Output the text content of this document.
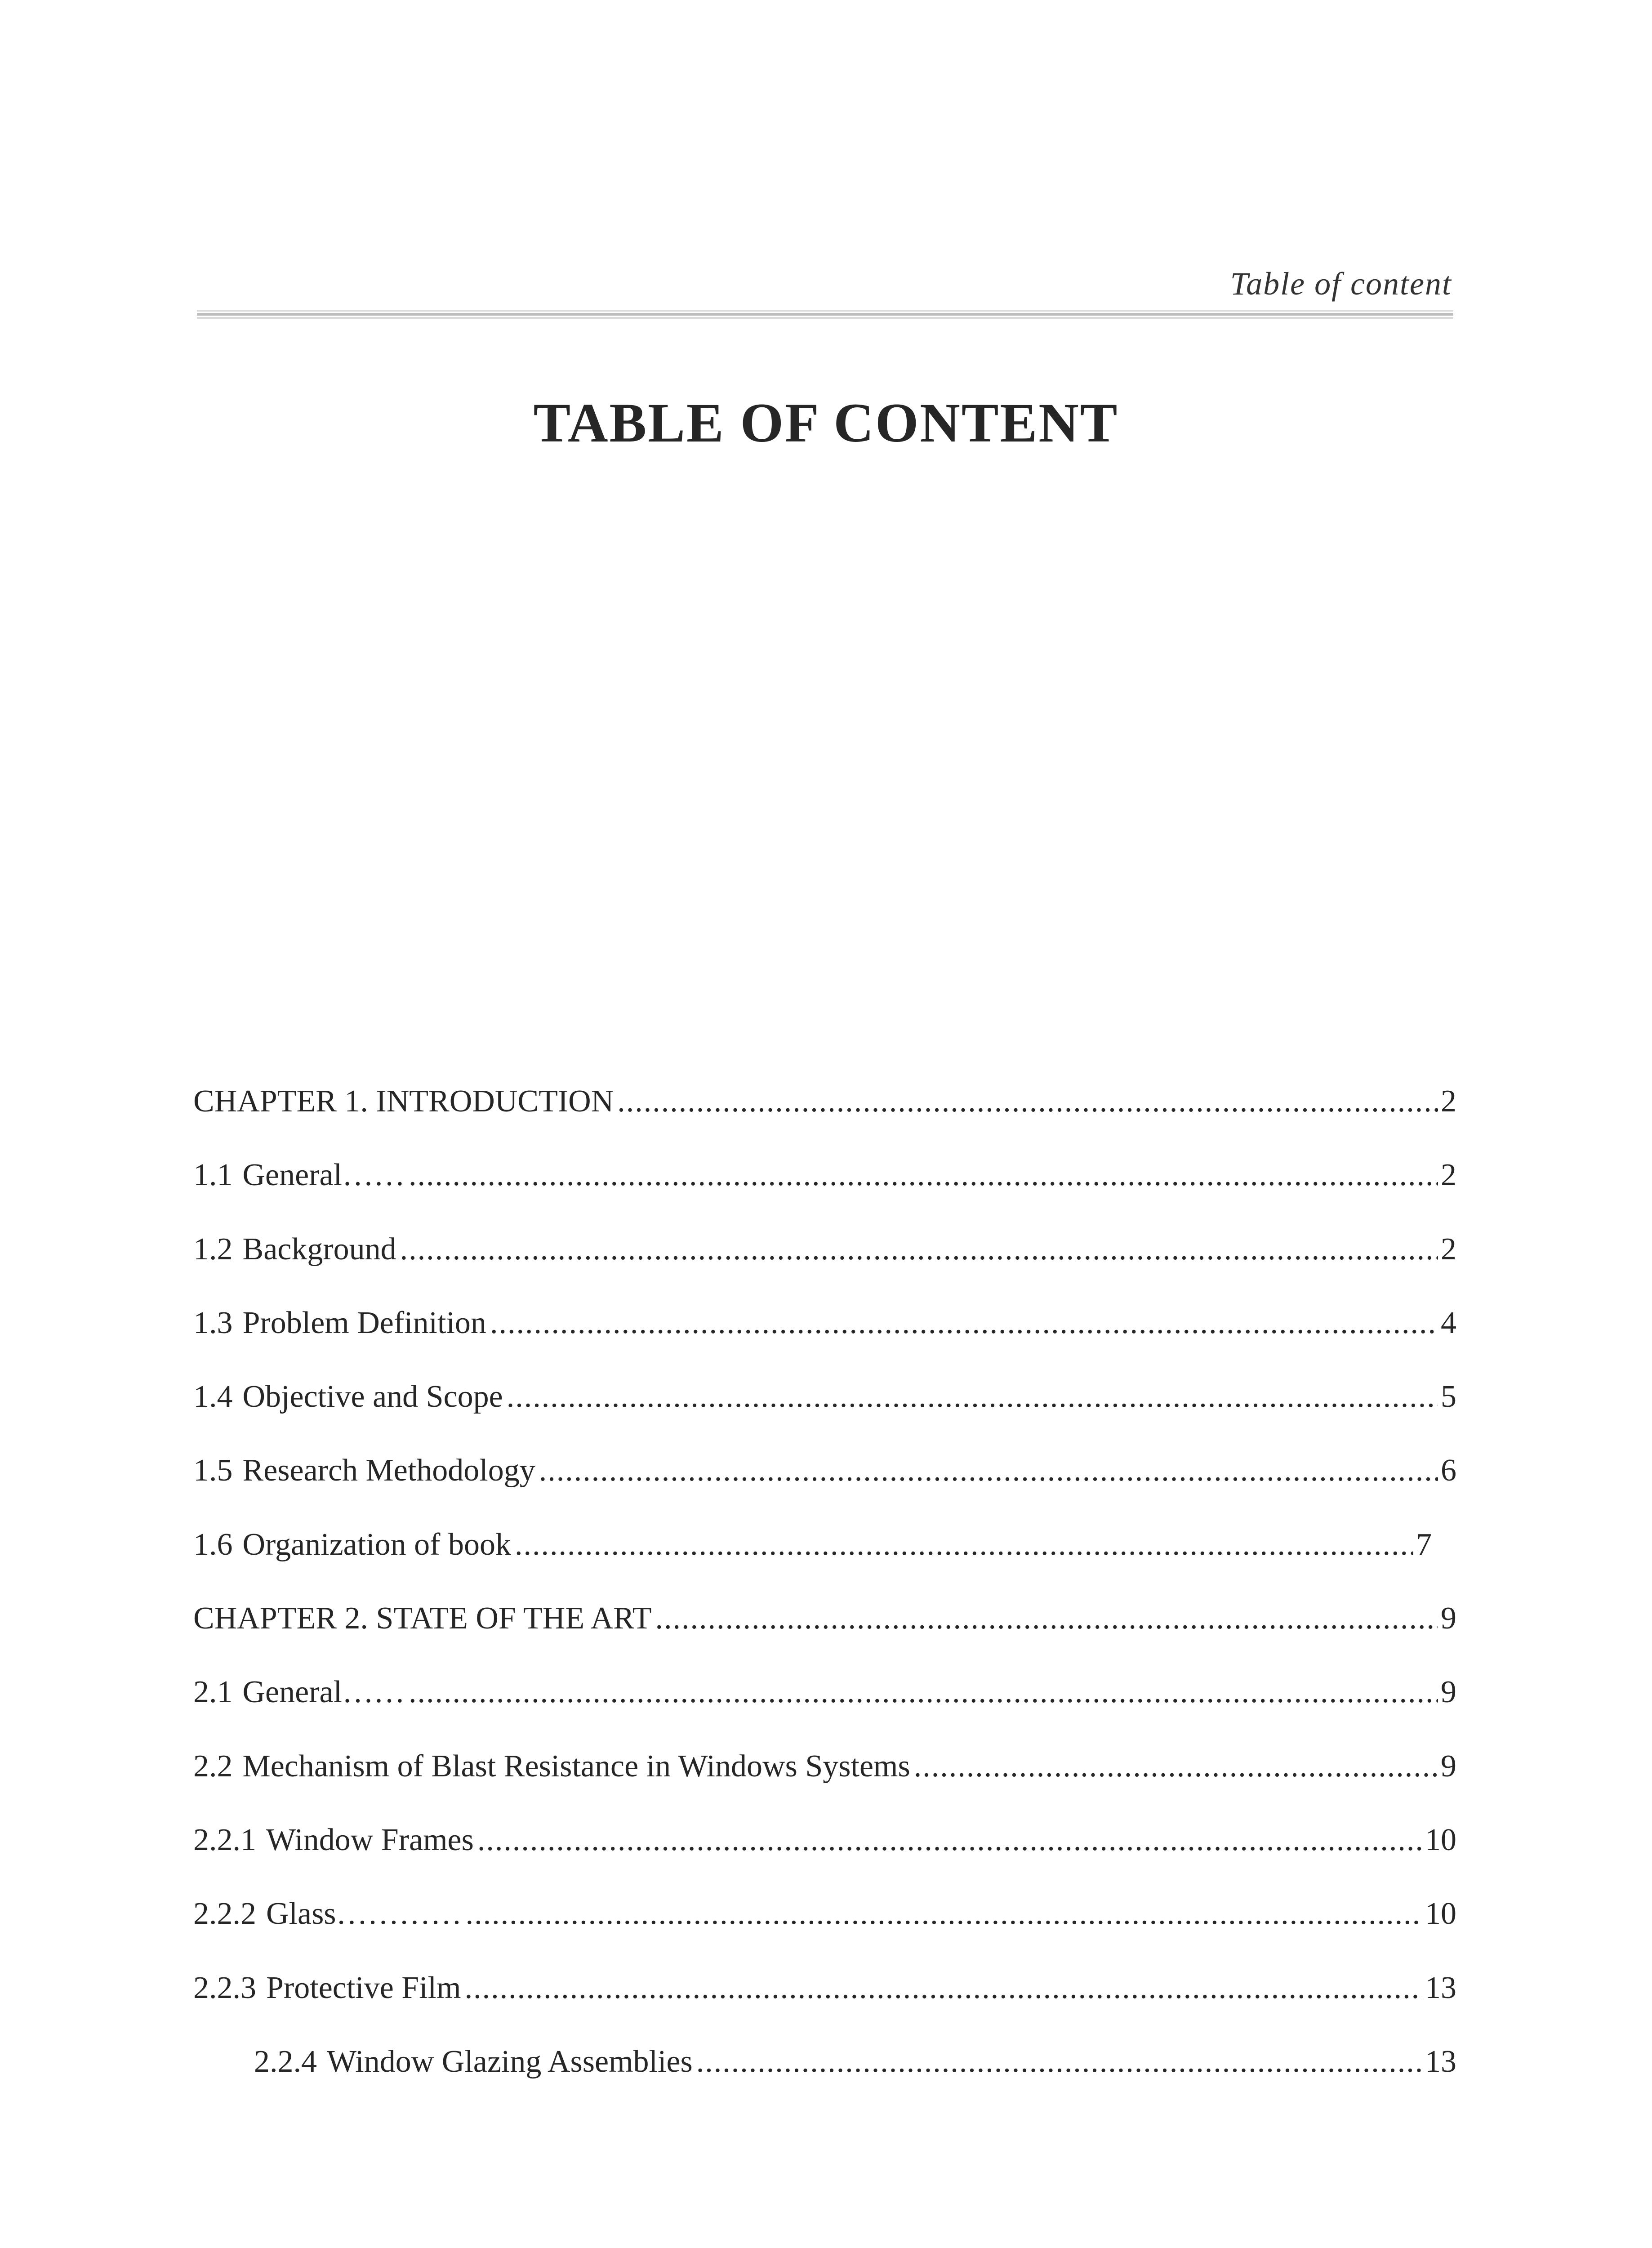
Table of content
TABLE OF CONTENT
CHAPTER 1. INTRODUCTION .....	2
1.1 General…… .....	2
1.2 Background .....	2
1.3 Problem Definition .....	4
1.4 Objective and Scope .....	5
1.5 Research Methodology .....	6
1.6 Organization of book .....	7
CHAPTER 2. STATE OF THE ART .....	9
2.1 General…… .....	9
2.2 Mechanism of Blast Resistance in Windows Systems .....	9
2.2.1 Window Frames .....	10
2.2.2 Glass………… .....	10
2.2.3 Protective Film .....	13
2.2.4 Window Glazing Assemblies .....	13
